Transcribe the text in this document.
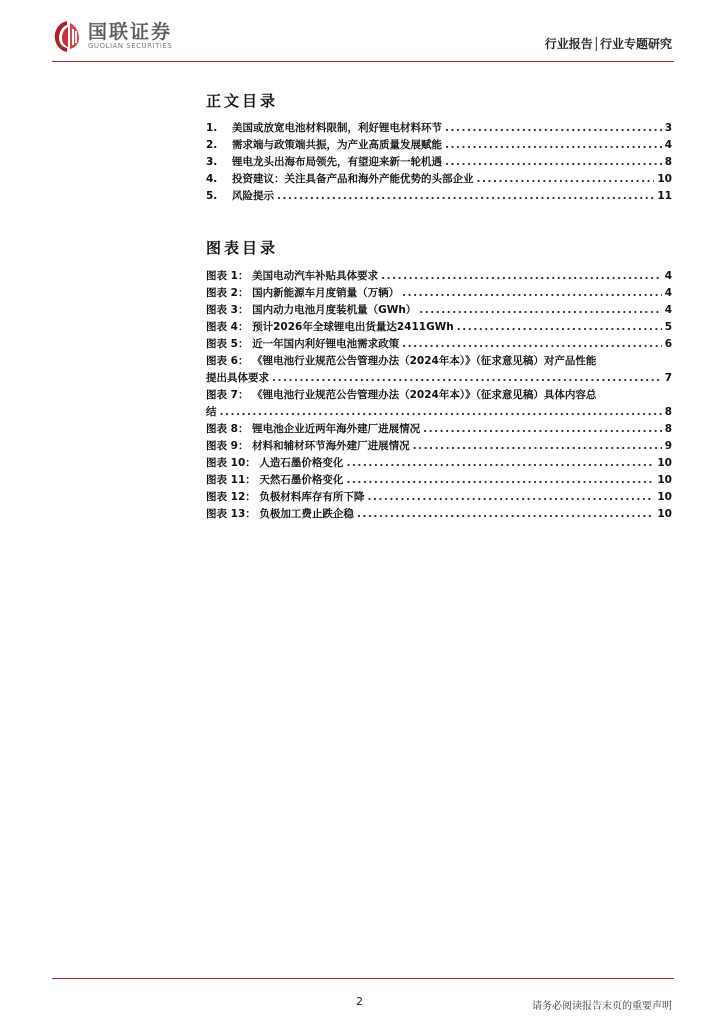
国联证券
GUOLIAN SECURITIES	行业报告│行业专题研究
正文目录
1.	美国或放宽电池材料限制，利好锂电材料环节 .....	3
2.	需求端与政策端共振，为产业高质量发展赋能 .....	4
3.	锂电龙头出海布局领先，有望迎来新一轮机遇 .....	8
4.	投资建议：关注具备产品和海外产能优势的头部企业 .....	10
5.	风险提示 .....	11
图表目录
图表 1： 美国电动汽车补贴具体要求 .....	4
图表 2： 国内新能源车月度销量（万辆） .....	4
图表 3： 国内动力电池月度装机量（GWh） .....	4
图表 4： 预计2026年全球锂电出货量达2411GWh .....	5
图表 5： 近一年国内利好锂电池需求政策 .....	6
图表 6： 《锂电池行业规范公告管理办法（2024年本）》（征求意见稿）对产品性能
提出具体要求 .....	7
图表 7： 《锂电池行业规范公告管理办法（2024年本）》（征求意见稿）具体内容总
结 .....	8
图表 8： 锂电池企业近两年海外建厂进展情况 .....	8
图表 9： 材料和辅材环节海外建厂进展情况 .....	9
图表 10： 人造石墨价格变化 .....	10
图表 11： 天然石墨价格变化 .....	10
图表 12： 负极材料库存有所下降 .....	10
图表 13： 负极加工费止跌企稳 .....	10
2	请务必阅读报告末页的重要声明
